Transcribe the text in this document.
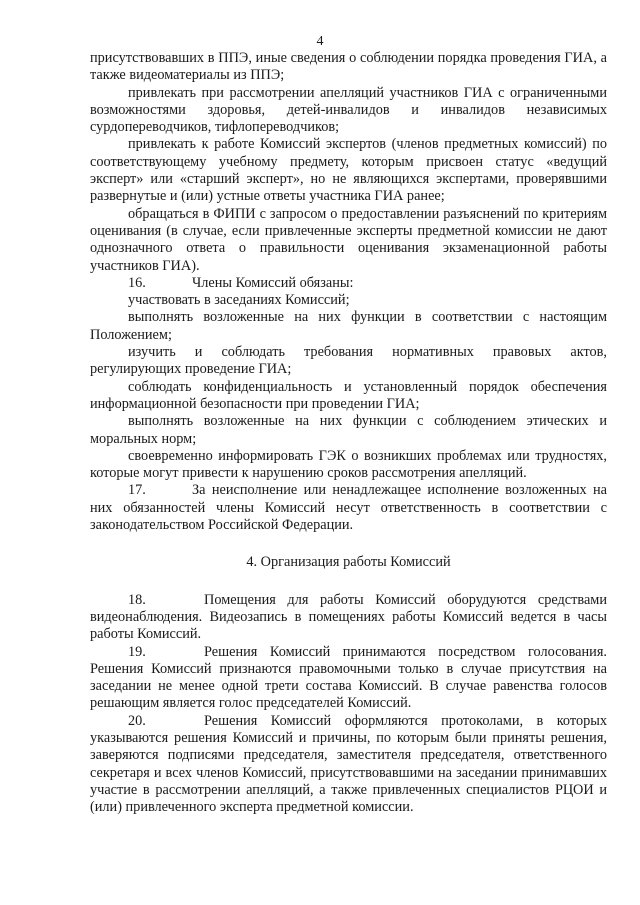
4

присутствовавших в ППЭ, иные сведения о соблюдении порядка проведения ГИА, а также видеоматериалы из ППЭ;

привлекать при рассмотрении апелляций участников ГИА с ограниченными возможностями здоровья, детей-инвалидов и инвалидов независимых сурдопереводчиков, тифлопереводчиков;

привлекать к работе Комиссий экспертов (членов предметных комиссий) по соответствующему учебному предмету, которым присвоен статус «ведущий эксперт» или «старший эксперт», но не являющихся экспертами, проверявшими развернутые и (или) устные ответы участника ГИА ранее;

обращаться в ФИПИ с запросом о предоставлении разъяснений по критериям оценивания (в случае, если привлеченные эксперты предметной комиссии не дают однозначного ответа о правильности оценивания экзаменационной работы участников ГИА).

16.	Члены Комиссий обязаны:

участвовать в заседаниях Комиссий;

выполнять возложенные на них функции в соответствии с настоящим Положением;

изучить и соблюдать требования нормативных правовых актов, регулирующих проведение ГИА;

соблюдать конфиденциальность и установленный порядок обеспечения информационной безопасности при проведении ГИА;

выполнять возложенные на них функции с соблюдением этических и моральных норм;

своевременно информировать ГЭК о возникших проблемах или трудностях, которые могут привести к нарушению сроков рассмотрения апелляций.

17.	За неисполнение или ненадлежащее исполнение возложенных на них обязанностей члены Комиссий несут ответственность в соответствии с законодательством Российской Федерации.

4. Организация работы Комиссий

18.	Помещения для работы Комиссий оборудуются средствами видеонаблюдения. Видеозапись в помещениях работы Комиссий ведется в часы работы Комиссий.

19.	Решения Комиссий принимаются посредством голосования. Решения Комиссий признаются правомочными только в случае присутствия на заседании не менее одной трети состава Комиссий. В случае равенства голосов решающим является голос председателей Комиссий.

20.	Решения Комиссий оформляются протоколами, в которых указываются решения Комиссий и причины, по которым были приняты решения, заверяются подписями председателя, заместителя председателя, ответственного секретаря и всех членов Комиссий, присутствовавшими на заседании принимавших участие в рассмотрении апелляций, а также привлеченных специалистов РЦОИ и (или) привлеченного эксперта предметной комиссии.
